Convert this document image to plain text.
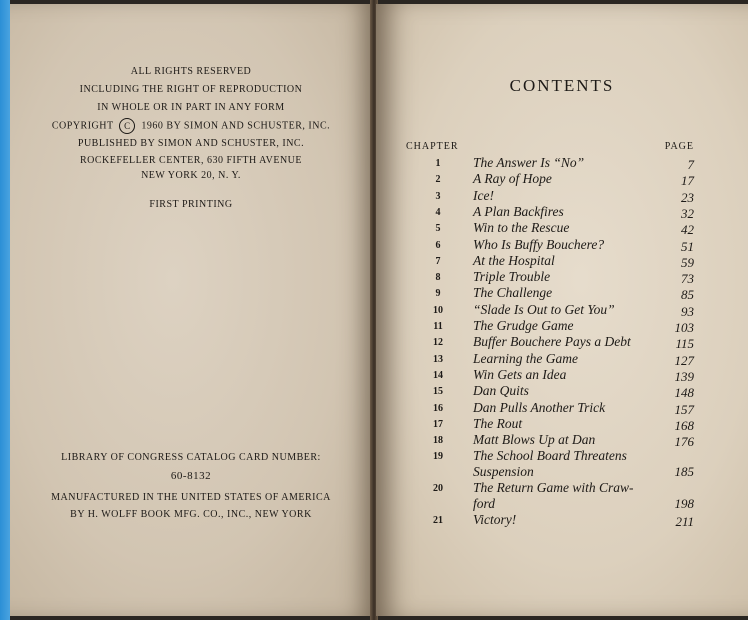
ALL RIGHTS RESERVED
INCLUDING THE RIGHT OF REPRODUCTION
IN WHOLE OR IN PART IN ANY FORM
COPYRIGHT C 1960 BY SIMON AND SCHUSTER, INC.
PUBLISHED BY SIMON AND SCHUSTER, INC.
ROCKEFELLER CENTER, 630 FIFTH AVENUE
NEW YORK 20, N. Y.
FIRST PRINTING
LIBRARY OF CONGRESS CATALOG CARD NUMBER:
60-8132
MANUFACTURED IN THE UNITED STATES OF AMERICA
BY H. WOLFF BOOK MFG. CO., INC., NEW YORK
CONTENTS
CHAPTER	PAGE
1	The Answer Is “No”	7
2	A Ray of Hope	17
3	Ice!	23
4	A Plan Backfires	32
5	Win to the Rescue	42
6	Who Is Buffy Bouchere?	51
7	At the Hospital	59
8	Triple Trouble	73
9	The Challenge	85
10	“Slade Is Out to Get You”	93
11	The Grudge Game	103
12	Buffer Bouchere Pays a Debt	115
13	Learning the Game	127
14	Win Gets an Idea	139
15	Dan Quits	148
16	Dan Pulls Another Trick	157
17	The Rout	168
18	Matt Blows Up at Dan	176
19	The School Board Threatens
Suspension	185
20	The Return Game with Craw-
ford	198
21	Victory!	211
